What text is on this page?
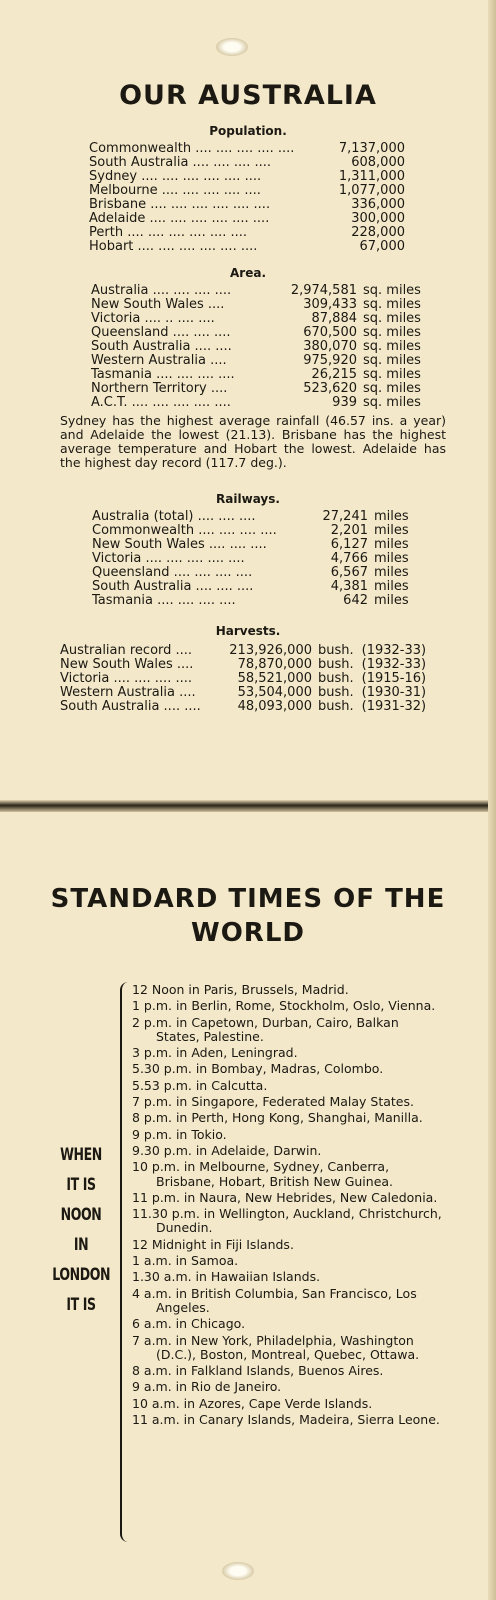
OUR AUSTRALIA
Population.
Commonwealth .... .... .... .... ....	7,137,000
South Australia .... .... .... ....	608,000
Sydney .... .... .... .... .... ....	1,311,000
Melbourne .... .... .... .... ....	1,077,000
Brisbane .... .... .... .... .... ....	336,000
Adelaide .... .... .... .... .... ....	300,000
Perth .... .... .... .... .... ....	228,000
Hobart .... .... .... .... .... ....	67,000
Area.
Australia .... .... .... ....	2,974,581 sq. miles
New South Wales ....	309,433 sq. miles
Victoria .... .. .... ....	87,884 sq. miles
Queensland .... .... ....	670,500 sq. miles
South Australia .... ....	380,070 sq. miles
Western Australia ....	975,920 sq. miles
Tasmania .... .... .... ....	26,215 sq. miles
Northern Territory ....	523,620 sq. miles
A.C.T. .... .... .... .... ....	939 sq. miles

Sydney has the highest average rainfall (46.57 ins. a year) and Adelaide the lowest (21.13). Brisbane has the highest average temperature and Hobart the lowest. Adelaide has the highest day record (117.7 deg.).

Railways.
Australia (total) .... .... ....	27,241 miles
Commonwealth .... .... .... ....	2,201 miles
New South Wales .... .... ....	6,127 miles
Victoria .... .... .... .... ....	4,766 miles
Queensland .... .... .... ....	6,567 miles
South Australia .... .... ....	4,381 miles
Tasmania .... .... .... ....	642 miles
Harvests.
Australian record ....	213,926,000 bush. (1932-33)
New South Wales ....	78,870,000 bush. (1932-33)
Victoria .... .... .... ....	58,521,000 bush. (1915-16)
Western Australia ....	53,504,000 bush. (1930-31)
South Australia .... ....	48,093,000 bush. (1931-32)
STANDARD TIMES OF THE WORLD
WHEN
IT IS
NOON
IN
LONDON
IT IS
12 Noon in Paris, Brussels, Madrid.
1 p.m. in Berlin, Rome, Stockholm, Oslo, Vienna.
2 p.m. in Capetown, Durban, Cairo, Balkan States, Palestine.
3 p.m. in Aden, Leningrad.
5.30 p.m. in Bombay, Madras, Colombo.
5.53 p.m. in Calcutta.
7 p.m. in Singapore, Federated Malay States.
8 p.m. in Perth, Hong Kong, Shanghai, Manilla.
9 p.m. in Tokio.
9.30 p.m. in Adelaide, Darwin.
10 p.m. in Melbourne, Sydney, Canberra, Brisbane, Hobart, British New Guinea.
11 p.m. in Naura, New Hebrides, New Caledonia.
11.30 p.m. in Wellington, Auckland, Christchurch, Dunedin.
12 Midnight in Fiji Islands.
1 a.m. in Samoa.
1.30 a.m. in Hawaiian Islands.
4 a.m. in British Columbia, San Francisco, Los Angeles.
6 a.m. in Chicago.
7 a.m. in New York, Philadelphia, Washington (D.C.), Boston, Montreal, Quebec, Ottawa.
8 a.m. in Falkland Islands, Buenos Aires.
9 a.m. in Rio de Janeiro.
10 a.m. in Azores, Cape Verde Islands.
11 a.m. in Canary Islands, Madeira, Sierra Leone.
